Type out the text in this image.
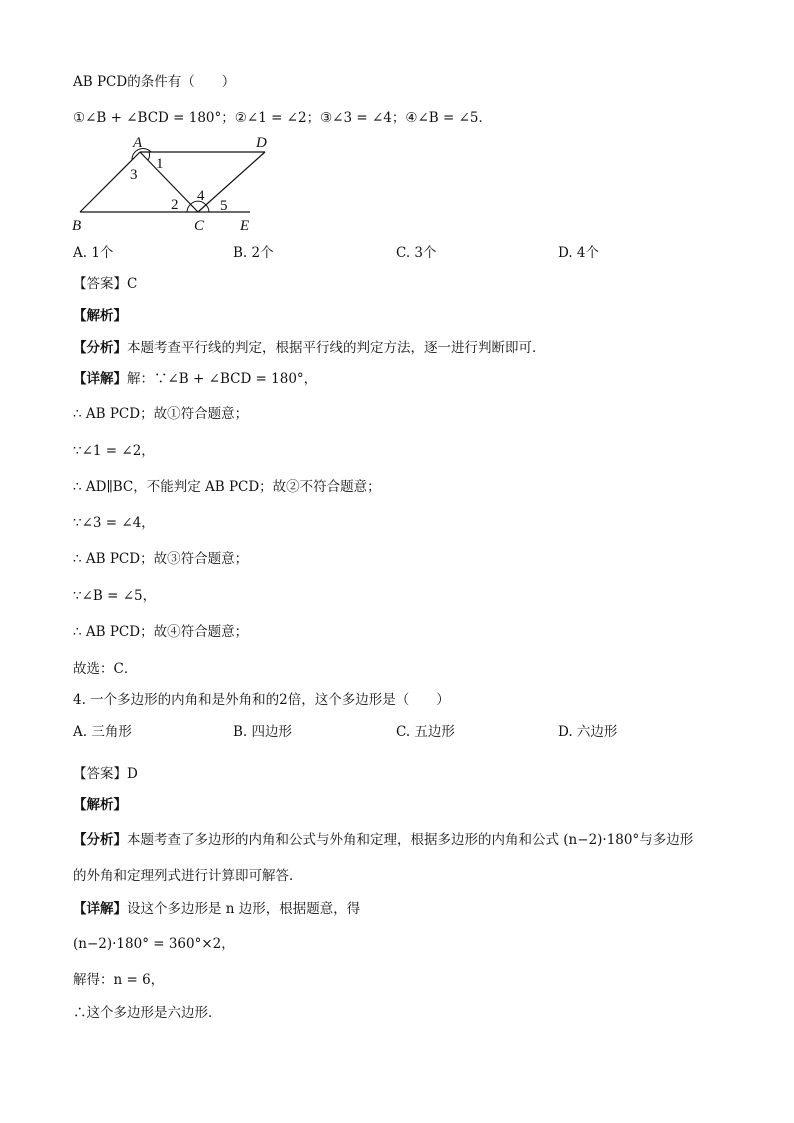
AB PCD的条件有（　　）
①∠B + ∠BCD = 180°；②∠1 = ∠2；③∠3 = ∠4；④∠B = ∠5．
A	D
B	C E
1
3
2
4
5
A. 1个	B. 2个	C. 3个	D. 4个
【答案】C
【解析】
【分析】本题考查平行线的判定，根据平行线的判定方法，逐一进行判断即可．
【详解】解：∵∠B + ∠BCD = 180°，
∴ AB PCD；故①符合题意；
∵∠1 = ∠2，
∴ AD∥BC，不能判定 AB PCD；故②不符合题意；
∵∠3 = ∠4，
∴ AB PCD；故③符合题意；
∵∠B = ∠5，
∴ AB PCD；故④符合题意；
故选：C．
4. 一个多边形的内角和是外角和的2倍，这个多边形是（　　）
A. 三角形	B. 四边形	C. 五边形	D. 六边形
【答案】D
【解析】
【分析】本题考查了多边形的内角和公式与外角和定理，根据多边形的内角和公式 (n−2)·180°与多边形
的外角和定理列式进行计算即可解答．
【详解】设这个多边形是 n 边形，根据题意，得
(n−2)·180° = 360°×2，
解得：n = 6，
∴这个多边形是六边形．
